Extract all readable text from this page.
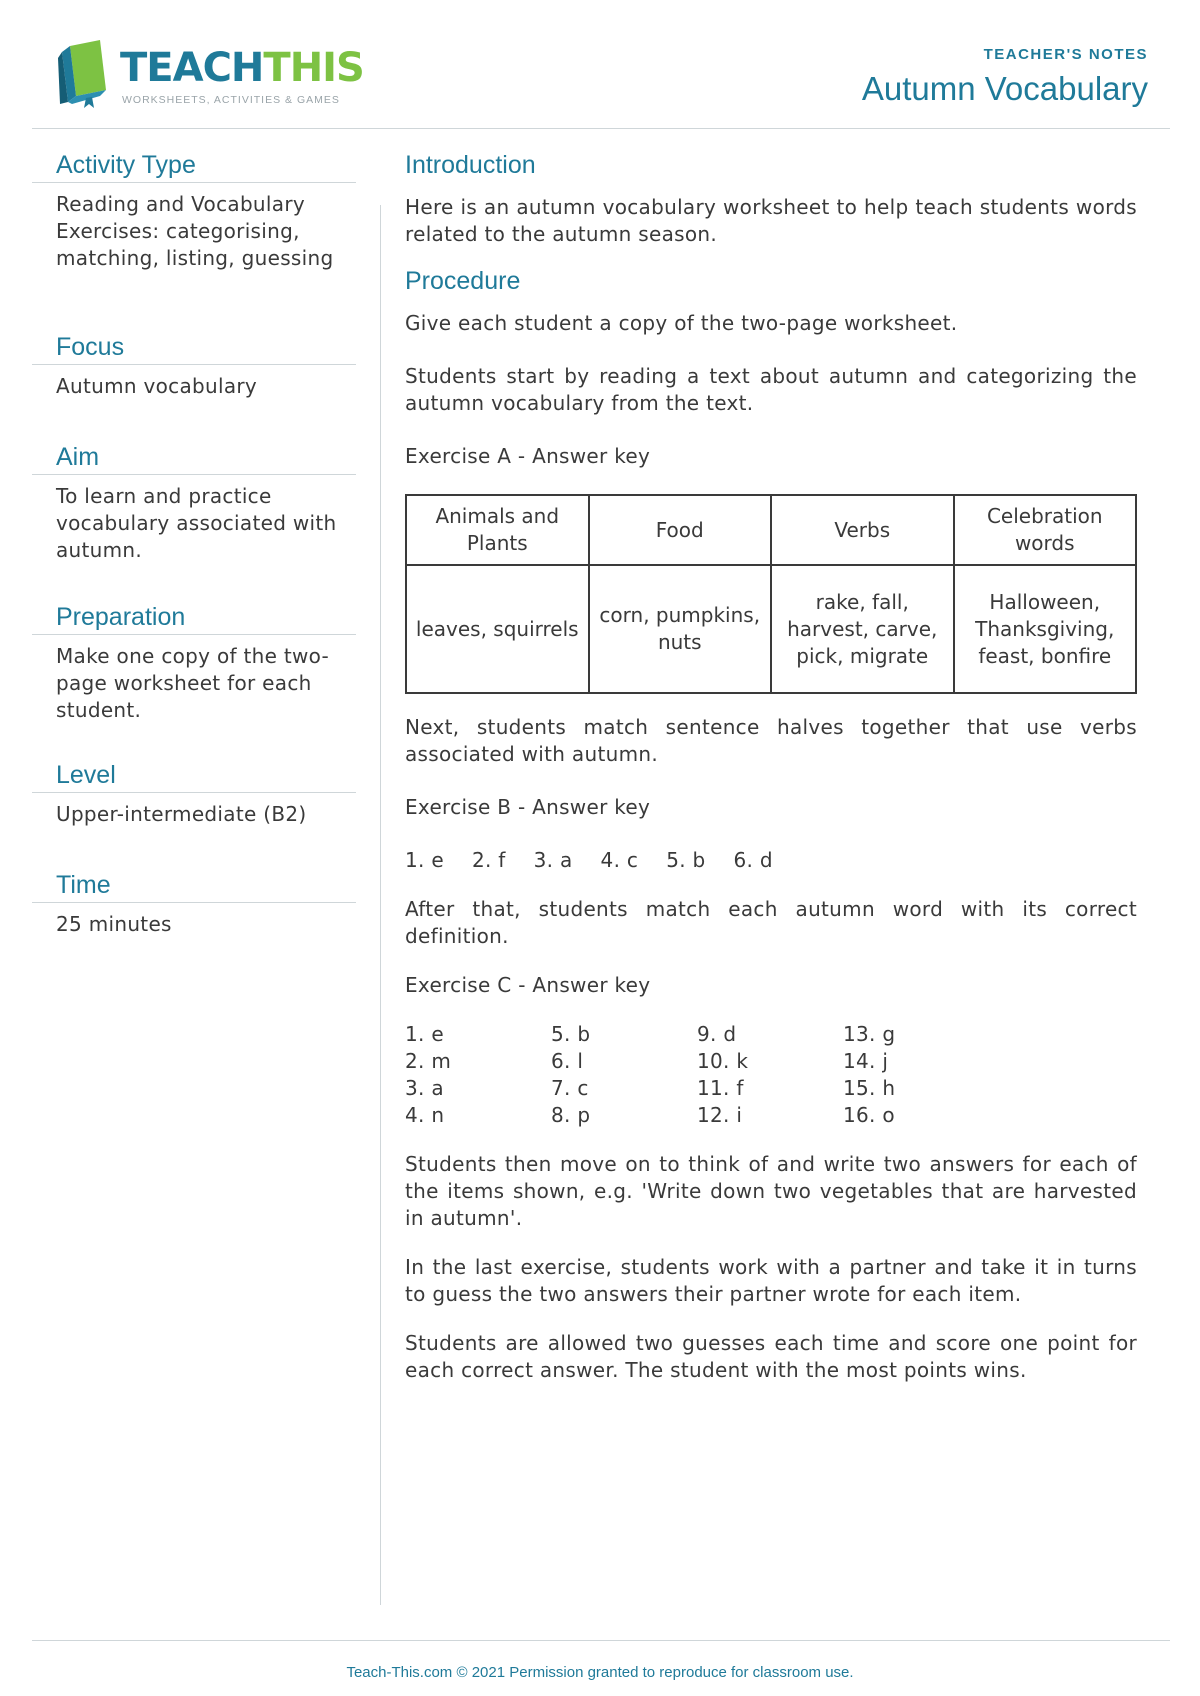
TEACHTHIS
WORKSHEETS, ACTIVITIES & GAMES
TEACHER'S NOTES
Autumn Vocabulary
Activity Type
Reading and Vocabulary Exercises: categorising, matching, listing, guessing
Focus
Autumn vocabulary
Aim
To learn and practice vocabulary associated with autumn.
Preparation
Make one copy of the two-page worksheet for each student.
Level
Upper-intermediate (B2)
Time
25 minutes
Introduction

Here is an autumn vocabulary worksheet to help teach students words related to the autumn season.

Procedure

Give each student a copy of the two-page worksheet.

Students start by reading a text about autumn and categorizing the autumn vocabulary from the text.

Exercise A - Answer key

Animals and Plants	Food	Verbs	Celebration words
leaves, squirrels	corn, pumpkins, nuts	rake, fall, harvest, carve, pick, migrate	Halloween, Thanksgiving, feast, bonfire

Next, students match sentence halves together that use verbs associated with autumn.

Exercise B - Answer key

1. e 2. f 3. a 4. c 5. b 6. d

After that, students match each autumn word with its correct definition.

Exercise C - Answer key

1. e	5. b	9. d	13. g
2. m	6. l	10. k	14. j
3. a	7. c	11. f	15. h
4. n	8. p	12. i	16. o

Students then move on to think of and write two answers for each of the items shown, e.g. 'Write down two vegetables that are harvested in autumn'.

In the last exercise, students work with a partner and take it in turns to guess the two answers their partner wrote for each item.

Students are allowed two guesses each time and score one point for each correct answer. The student with the most points wins.

Teach-This.com © 2021 Permission granted to reproduce for classroom use.
